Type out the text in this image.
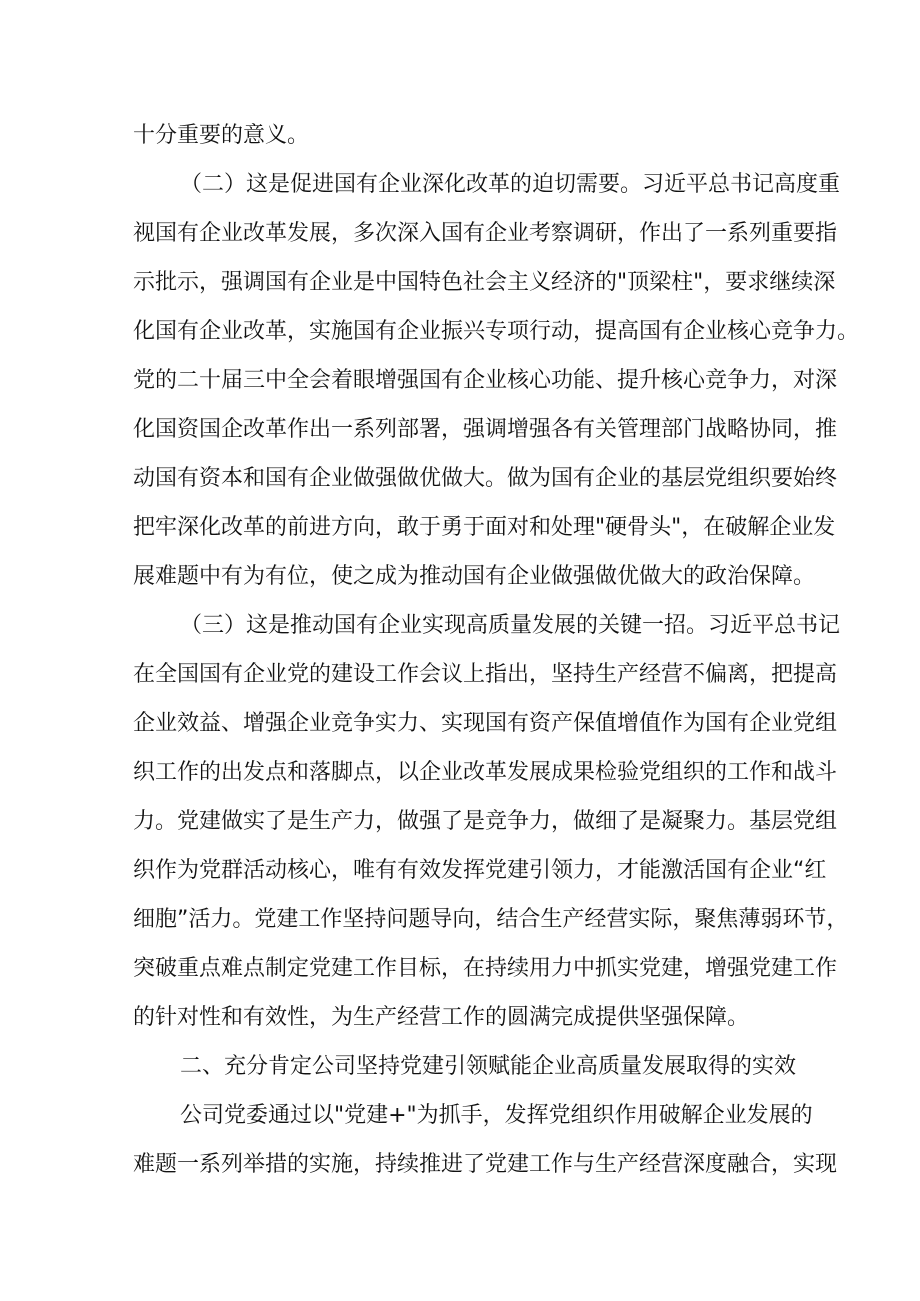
十分重要的意义。
（二）这是促进国有企业深化改革的迫切需要。习近平总书记高度重
视国有企业改革发展，多次深入国有企业考察调研，作出了一系列重要指
示批示，强调国有企业是中国特色社会主义经济的"顶梁柱"，要求继续深
化国有企业改革，实施国有企业振兴专项行动，提高国有企业核心竞争力。
党的二十届三中全会着眼增强国有企业核心功能、提升核心竞争力，对深
化国资国企改革作出一系列部署，强调增强各有关管理部门战略协同，推
动国有资本和国有企业做强做优做大。做为国有企业的基层党组织要始终
把牢深化改革的前进方向，敢于勇于面对和处理"硬骨头"，在破解企业发
展难题中有为有位，使之成为推动国有企业做强做优做大的政治保障。
（三）这是推动国有企业实现高质量发展的关键一招。习近平总书记
在全国国有企业党的建设工作会议上指出，坚持生产经营不偏离，把提高
企业效益、增强企业竞争实力、实现国有资产保值增值作为国有企业党组
织工作的出发点和落脚点，以企业改革发展成果检验党组织的工作和战斗
力。党建做实了是生产力，做强了是竞争力，做细了是凝聚力。基层党组
织作为党群活动核心，唯有有效发挥党建引领力，才能激活国有企业“红
细胞”活力。党建工作坚持问题导向，结合生产经营实际，聚焦薄弱环节，
突破重点难点制定党建工作目标，在持续用力中抓实党建，增强党建工作
的针对性和有效性，为生产经营工作的圆满完成提供坚强保障。
二、充分肯定公司坚持党建引领赋能企业高质量发展取得的实效
公司党委通过以"党建+"为抓手，发挥党组织作用破解企业发展的
难题一系列举措的实施，持续推进了党建工作与生产经营深度融合，实现
